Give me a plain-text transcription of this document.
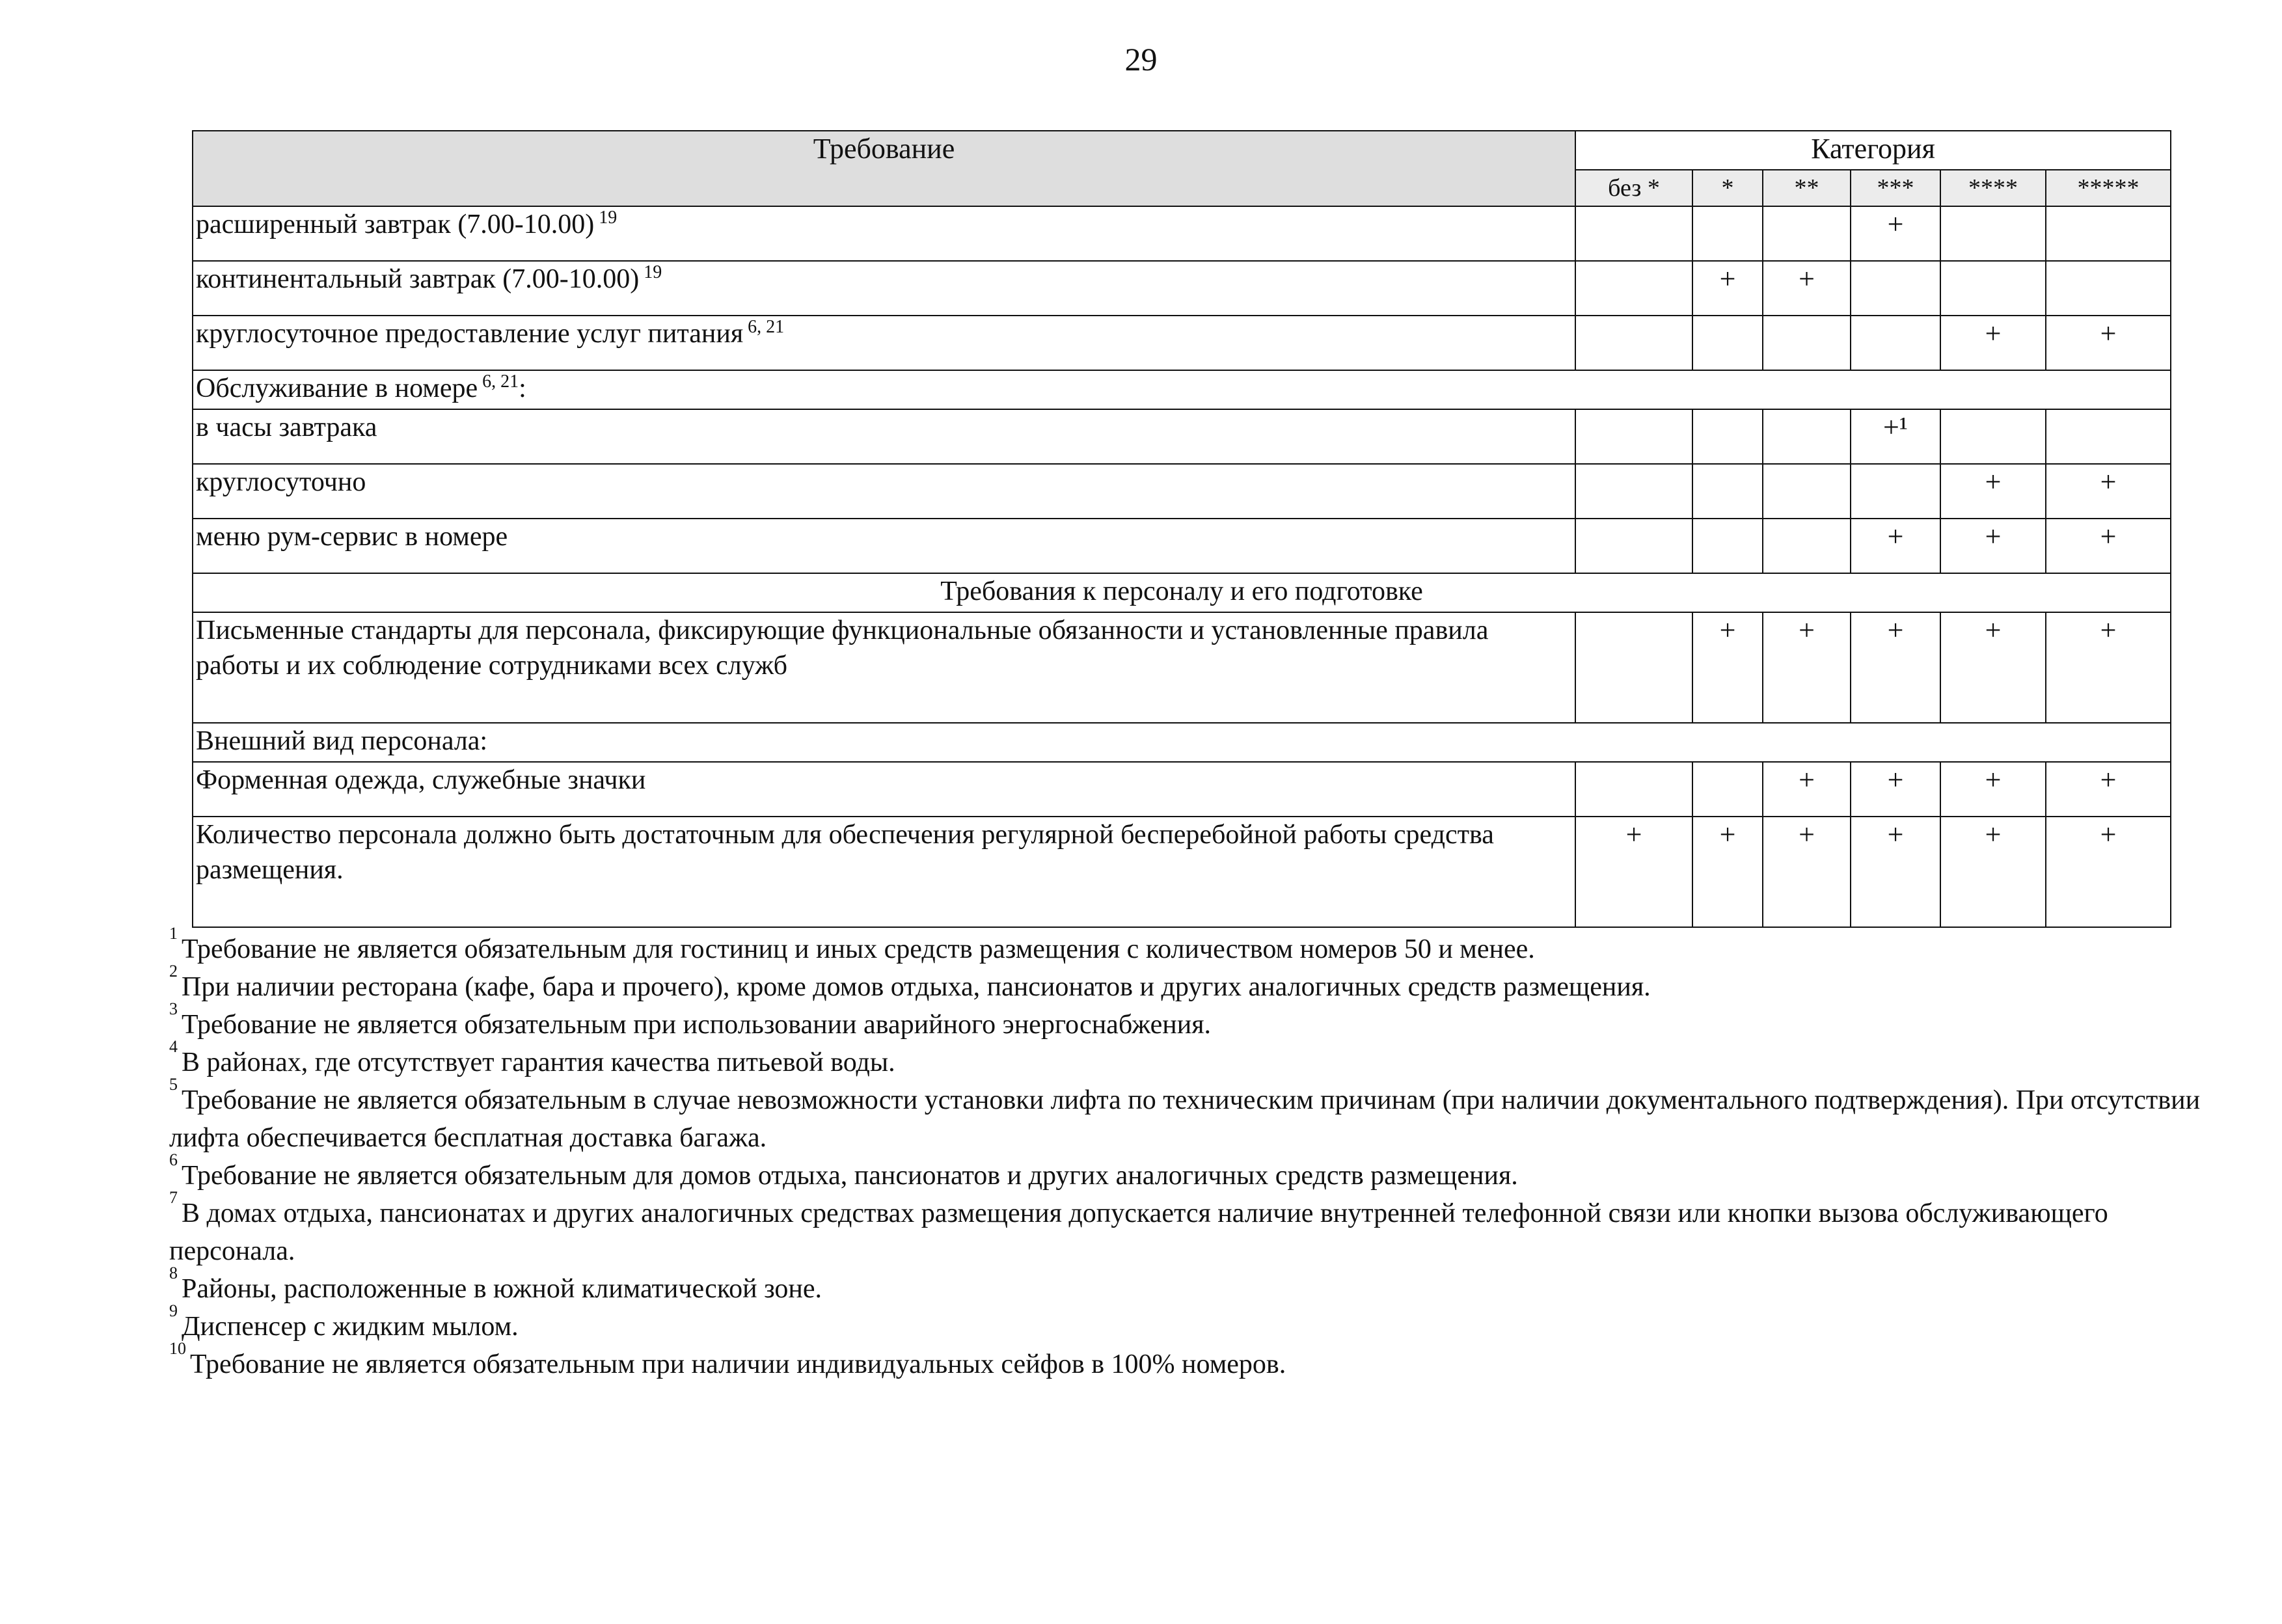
29
Требование	Категория					
	без *	*	**	***	****	*****
расширенный завтрак (7.00-10.00) $^{19}$				+		
континентальный завтрак (7.00-10.00) $^{19}$		+	+			
круглосуточное предоставление услуг питания $^{6, 21}$					+	+
Обслуживание в номере $^{6, 21}$:						
в часы завтрака				+¹		
круглосуточно					+	+
меню рум-сервис в номере				+	+	+
Требования к персоналу и его подготовке						
Письменные стандарты для персонала, фиксирующие функциональные обязанности и установленные правила работы и их соблюдение сотрудниками всех служб		+	+	+	+	+
Внешний вид персонала:						
Форменная одежда, служебные значки			+	+	+	+
Количество персонала должно быть достаточным для обеспечения регулярной бесперебойной работы средства размещения.	+	+	+	+	+	+
$^1$Требование не является обязательным для гостиниц и иных средств размещения с количеством номеров 50 и менее.
$^2$При наличии ресторана (кафе, бара и прочего), кроме домов отдыха, пансионатов и других аналогичных средств размещения.
$^3$Требование не является обязательным при использовании аварийного энергоснабжения.
$^4$В районах, где отсутствует гарантия качества питьевой воды.
$^5$Требование не является обязательным в случае невозможности установки лифта по техническим причинам (при наличии документального подтверждения). При отсутствии лифта обеспечивается бесплатная доставка багажа.
$^6$Требование не является обязательным для домов отдыха, пансионатов и других аналогичных средств размещения.
$^7$В домах отдыха, пансионатах и других аналогичных средствах размещения допускается наличие внутренней телефонной связи или кнопки вызова обслуживающего персонала.
$^8$Районы, расположенные в южной климатической зоне.
$^9$Диспенсер с жидким мылом.
$^{10}$Требование не является обязательным при наличии индивидуальных сейфов в 100% номеров.
